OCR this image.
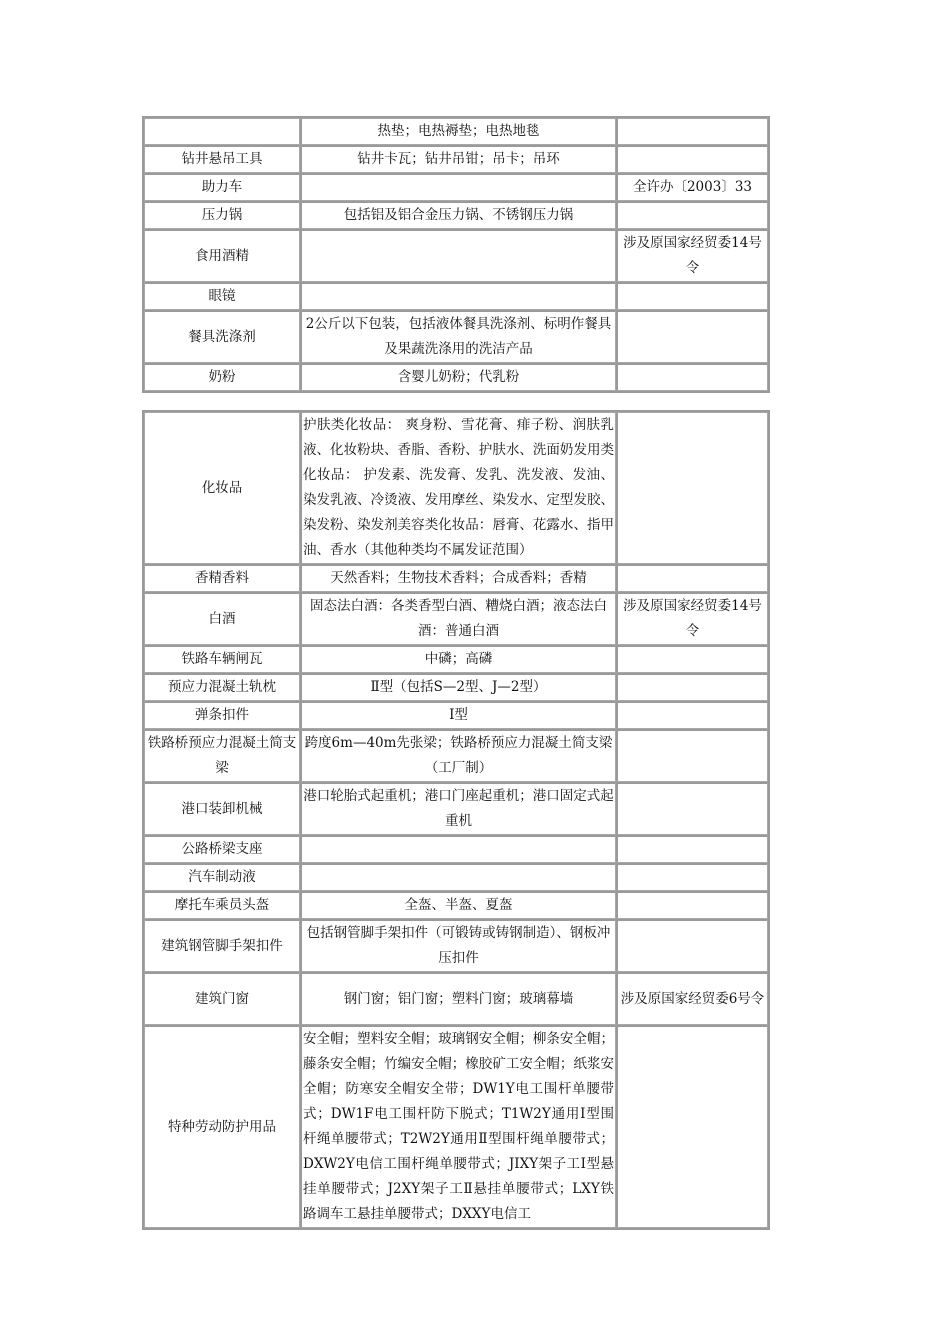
	热垫；电热褥垫；电热地毯	
钻井悬吊工具	钻井卡瓦；钻井吊钳；吊卡；吊环	
助力车		全许办〔2003〕33
压力锅	包括铝及铝合金压力锅、不锈钢压力锅	
食用酒精		涉及原国家经贸委14号令
眼镜		
餐具洗涤剂	2公斤以下包装，包括液体餐具洗涤剂、标明作餐具及果蔬洗涤用的洗洁产品	
奶粉	含婴儿奶粉；代乳粉	
化妆品	护肤类化妆品： 爽身粉、雪花膏、痱子粉、润肤乳液、化妆粉块、香脂、香粉、护肤水、洗面奶发用类化妆品： 护发素、洗发膏、发乳、洗发液、发油、染发乳液、冷烫液、发用摩丝、染发水、定型发胶、染发粉、染发剂美容类化妆品：唇膏、花露水、指甲油、香水（其他种类均不属发证范围）	
香精香料	天然香料；生物技术香料；合成香料；香精	
白酒	固态法白酒：各类香型白酒、糟烧白酒；液态法白酒：普通白酒	涉及原国家经贸委14号令
铁路车辆闸瓦	中磷；高磷	
预应力混凝土轨枕	Ⅱ型（包括S—2型、J—2型）	
弹条扣件	Ⅰ型	
铁路桥预应力混凝土简支梁	跨度6m—40m先张梁；铁路桥预应力混凝土简支梁（工厂制）	
港口装卸机械	港口轮胎式起重机；港口门座起重机；港口固定式起重机	
公路桥梁支座		
汽车制动液		
摩托车乘员头盔	全盔、半盔、夏盔	
建筑钢管脚手架扣件	包括钢管脚手架扣件（可锻铸或铸钢制造）、钢板冲压扣件	
建筑门窗	钢门窗；铝门窗；塑料门窗；玻璃幕墙	涉及原国家经贸委6号令
特种劳动防护用品	安全帽；塑料安全帽；玻璃钢安全帽；柳条安全帽；藤条安全帽；竹编安全帽；橡胶矿工安全帽；纸浆安全帽；防寒安全帽安全带；DW1Y电工围杆单腰带式；DW1F电工围杆防下脱式；T1W2Y通用Ⅰ型围杆绳单腰带式；T2W2Y通用Ⅱ型围杆绳单腰带式；DXW2Y电信工围杆绳单腰带式；JIXY架子工Ⅰ型悬挂单腰带式；J2XY架子工Ⅱ悬挂单腰带式；LXY铁路调车工悬挂单腰带式；DXXY电信工	
